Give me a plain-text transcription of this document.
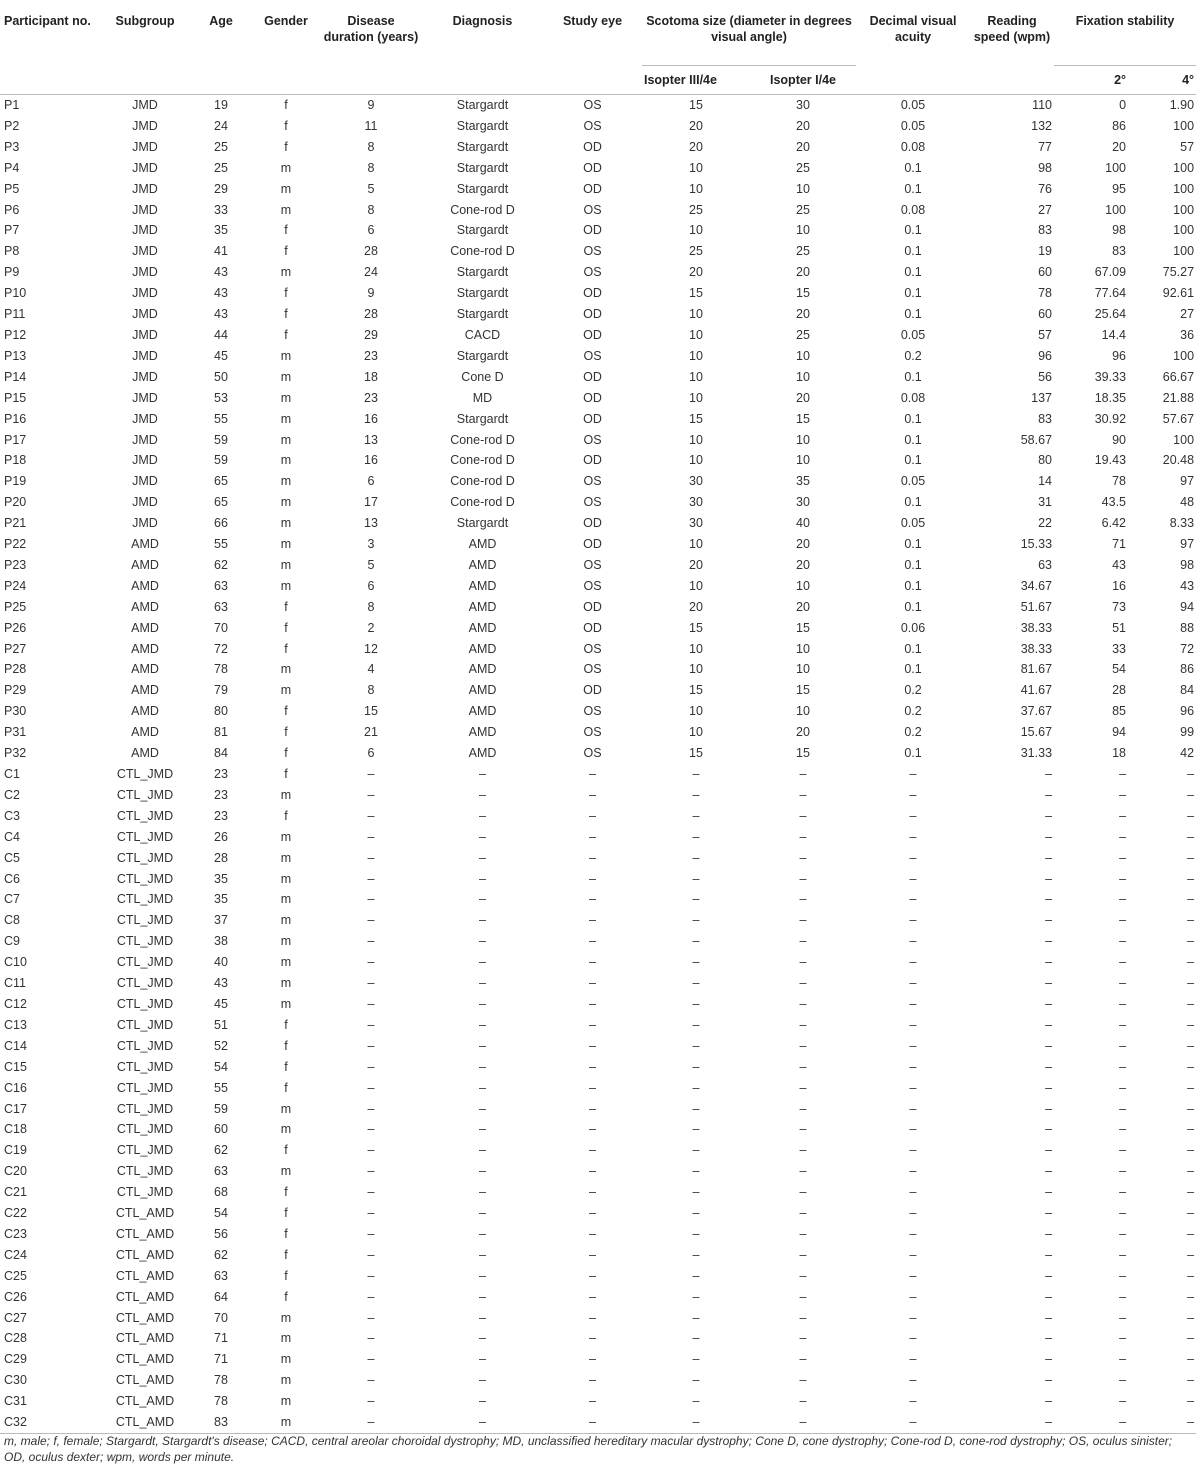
Participant no.	Subgroup	Age	Gender	Disease duration (years)	Diagnosis	Study eye	Scotoma size (diameter in degrees visual angle)		Decimal visual acuity	Reading speed (wpm)	Fixation stability	
							Isopter III/4e	Isopter I/4e			2°	4°
P1	JMD	19	f	9	Stargardt	OS	15	30	0.05	110	0	1.90
P2	JMD	24	f	11	Stargardt	OS	20	20	0.05	132	86	100
P3	JMD	25	f	8	Stargardt	OD	20	20	0.08	77	20	57
P4	JMD	25	m	8	Stargardt	OD	10	25	0.1	98	100	100
P5	JMD	29	m	5	Stargardt	OD	10	10	0.1	76	95	100
P6	JMD	33	m	8	Cone-rod D	OS	25	25	0.08	27	100	100
P7	JMD	35	f	6	Stargardt	OD	10	10	0.1	83	98	100
P8	JMD	41	f	28	Cone-rod D	OS	25	25	0.1	19	83	100
P9	JMD	43	m	24	Stargardt	OS	20	20	0.1	60	67.09	75.27
P10	JMD	43	f	9	Stargardt	OD	15	15	0.1	78	77.64	92.61
P11	JMD	43	f	28	Stargardt	OD	10	20	0.1	60	25.64	27
P12	JMD	44	f	29	CACD	OD	10	25	0.05	57	14.4	36
P13	JMD	45	m	23	Stargardt	OS	10	10	0.2	96	96	100
P14	JMD	50	m	18	Cone D	OD	10	10	0.1	56	39.33	66.67
P15	JMD	53	m	23	MD	OD	10	20	0.08	137	18.35	21.88
P16	JMD	55	m	16	Stargardt	OD	15	15	0.1	83	30.92	57.67
P17	JMD	59	m	13	Cone-rod D	OS	10	10	0.1	58.67	90	100
P18	JMD	59	m	16	Cone-rod D	OD	10	10	0.1	80	19.43	20.48
P19	JMD	65	m	6	Cone-rod D	OS	30	35	0.05	14	78	97
P20	JMD	65	m	17	Cone-rod D	OS	30	30	0.1	31	43.5	48
P21	JMD	66	m	13	Stargardt	OD	30	40	0.05	22	6.42	8.33
P22	AMD	55	m	3	AMD	OD	10	20	0.1	15.33	71	97
P23	AMD	62	m	5	AMD	OS	20	20	0.1	63	43	98
P24	AMD	63	m	6	AMD	OS	10	10	0.1	34.67	16	43
P25	AMD	63	f	8	AMD	OD	20	20	0.1	51.67	73	94
P26	AMD	70	f	2	AMD	OD	15	15	0.06	38.33	51	88
P27	AMD	72	f	12	AMD	OS	10	10	0.1	38.33	33	72
P28	AMD	78	m	4	AMD	OS	10	10	0.1	81.67	54	86
P29	AMD	79	m	8	AMD	OD	15	15	0.2	41.67	28	84
P30	AMD	80	f	15	AMD	OS	10	10	0.2	37.67	85	96
P31	AMD	81	f	21	AMD	OS	10	20	0.2	15.67	94	99
P32	AMD	84	f	6	AMD	OS	15	15	0.1	31.33	18	42
C1	CTL_JMD	23	f	–	–	–	–	–	–	–	–	–
C2	CTL_JMD	23	m	–	–	–	–	–	–	–	–	–
C3	CTL_JMD	23	f	–	–	–	–	–	–	–	–	–
C4	CTL_JMD	26	m	–	–	–	–	–	–	–	–	–
C5	CTL_JMD	28	m	–	–	–	–	–	–	–	–	–
C6	CTL_JMD	35	m	–	–	–	–	–	–	–	–	–
C7	CTL_JMD	35	m	–	–	–	–	–	–	–	–	–
C8	CTL_JMD	37	m	–	–	–	–	–	–	–	–	–
C9	CTL_JMD	38	m	–	–	–	–	–	–	–	–	–
C10	CTL_JMD	40	m	–	–	–	–	–	–	–	–	–
C11	CTL_JMD	43	m	–	–	–	–	–	–	–	–	–
C12	CTL_JMD	45	m	–	–	–	–	–	–	–	–	–
C13	CTL_JMD	51	f	–	–	–	–	–	–	–	–	–
C14	CTL_JMD	52	f	–	–	–	–	–	–	–	–	–
C15	CTL_JMD	54	f	–	–	–	–	–	–	–	–	–
C16	CTL_JMD	55	f	–	–	–	–	–	–	–	–	–
C17	CTL_JMD	59	m	–	–	–	–	–	–	–	–	–
C18	CTL_JMD	60	m	–	–	–	–	–	–	–	–	–
C19	CTL_JMD	62	f	–	–	–	–	–	–	–	–	–
C20	CTL_JMD	63	m	–	–	–	–	–	–	–	–	–
C21	CTL_JMD	68	f	–	–	–	–	–	–	–	–	–
C22	CTL_AMD	54	f	–	–	–	–	–	–	–	–	–
C23	CTL_AMD	56	f	–	–	–	–	–	–	–	–	–
C24	CTL_AMD	62	f	–	–	–	–	–	–	–	–	–
C25	CTL_AMD	63	f	–	–	–	–	–	–	–	–	–
C26	CTL_AMD	64	f	–	–	–	–	–	–	–	–	–
C27	CTL_AMD	70	m	–	–	–	–	–	–	–	–	–
C28	CTL_AMD	71	m	–	–	–	–	–	–	–	–	–
C29	CTL_AMD	71	m	–	–	–	–	–	–	–	–	–
C30	CTL_AMD	78	m	–	–	–	–	–	–	–	–	–
C31	CTL_AMD	78	m	–	–	–	–	–	–	–	–	–
C32	CTL_AMD	83	m	–	–	–	–	–	–	–	–	–
m, male; f, female; Stargardt, Stargardt's disease; CACD, central areolar choroidal dystrophy; MD, unclassified hereditary macular dystrophy; Cone D, cone dystrophy; Cone-rod D, cone-rod dystrophy; OS, oculus sinister; OD, oculus dexter; wpm, words per minute.
